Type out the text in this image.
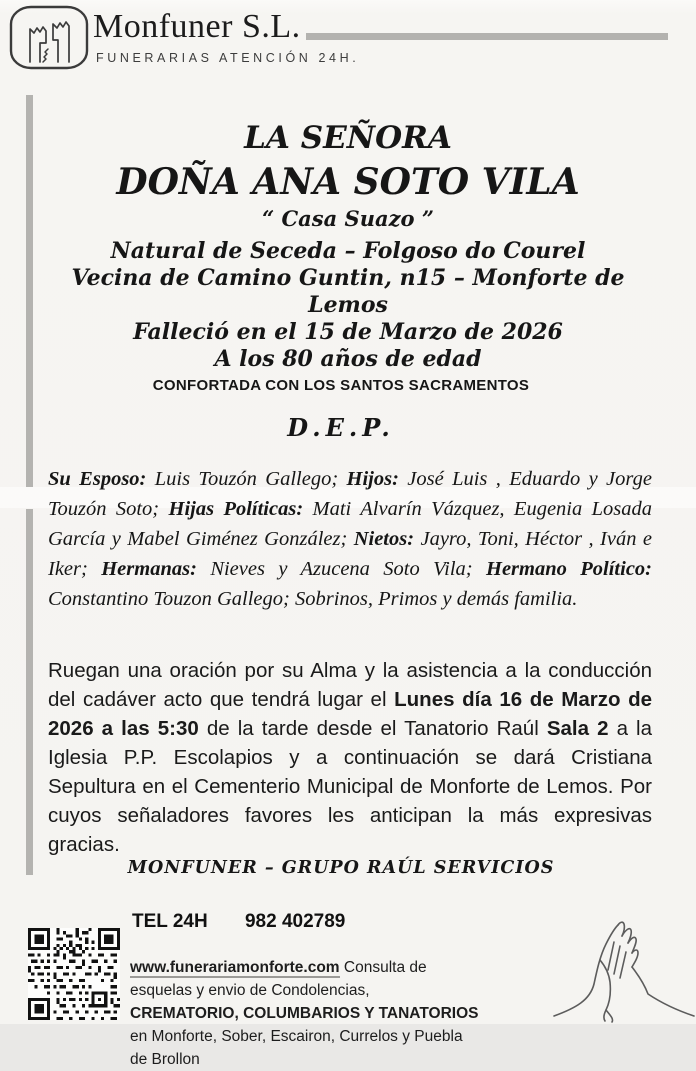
Monfuner S.L.
FUNERARIAS ATENCIÓN 24H.
LA SEÑORA
DOÑA ANA SOTO VILA
“ Casa Suazo ”
Natural de Seceda – Folgoso do Courel
Vecina de Camino Guntin, n15 – Monforte de Lemos
Falleció en el 15 de Marzo de 2026
A los 80 años de edad
CONFORTADA CON LOS SANTOS SACRAMENTOS
D.E.P.
Su Esposo: Luis Touzón Gallego; Hijos: José Luis , Eduardo y Jorge Touzón Soto; Hijas Políticas: Mati Alvarín Vázquez, Eugenia Losada García y Mabel Giménez González; Nietos: Jayro, Toni, Héctor , Iván e Iker; Hermanas: Nieves y Azucena Soto Vila; Hermano Político: Constantino Touzon Gallego; Sobrinos, Primos y demás familia.
Ruegan una oración por su Alma y la asistencia a la conducción del cadáver acto que tendrá lugar el Lunes día 16 de Marzo de 2026 a las 5:30 de la tarde desde el Tanatorio Raúl Sala 2 a la Iglesia P.P. Escolapios y a continuación se dará Cristiana Sepultura en el Cementerio Municipal de Monforte de Lemos. Por cuyos señaladores favores les anticipan la más expresivas gracias.
MONFUNER – GRUPO RAÚL SERVICIOS
TEL 24H 982 402789
www.funerariamonforte.com Consulta de esquelas y envio de Condolencias, CREMATORIO, COLUMBARIOS Y TANATORIOS en Monforte, Sober, Escairon, Currelos y Puebla de Brollon
